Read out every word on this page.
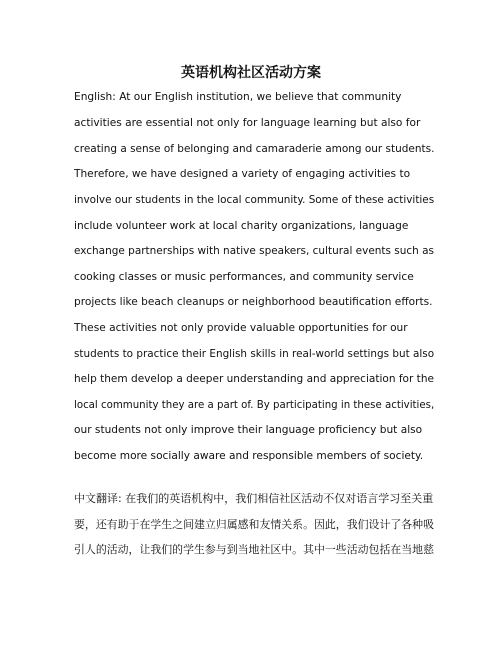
英语机构社区活动方案
English: At our English institution, we believe that community
activities are essential not only for language learning but also for
creating a sense of belonging and camaraderie among our students.
Therefore, we have designed a variety of engaging activities to
involve our students in the local community. Some of these activities
include volunteer work at local charity organizations, language
exchange partnerships with native speakers, cultural events such as
cooking classes or music performances, and community service
projects like beach cleanups or neighborhood beautification efforts.
These activities not only provide valuable opportunities for our
students to practice their English skills in real-world settings but also
help them develop a deeper understanding and appreciation for the
local community they are a part of. By participating in these activities,
our students not only improve their language proficiency but also
become more socially aware and responsible members of society.
中文翻译: 在我们的英语机构中，我们相信社区活动不仅对语言学习至关重
要，还有助于在学生之间建立归属感和友情关系。因此，我们设计了各种吸
引人的活动，让我们的学生参与到当地社区中。其中一些活动包括在当地慈
